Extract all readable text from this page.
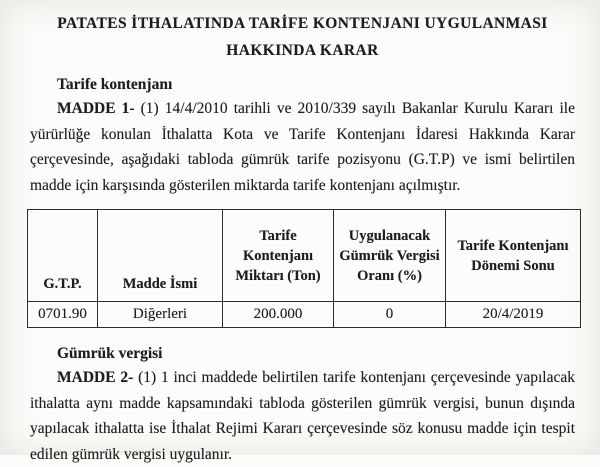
PATATES İTHALATINDA TARİFE KONTENJANI UYGULANMASI
HAKKINDA KARAR
Tarife kontenjanı

MADDE 1- (1) 14/4/2010 tarihli ve 2010/339 sayılı Bakanlar Kurulu Kararı ile yürürlüğe konulan İthalatta Kota ve Tarife Kontenjanı İdaresi Hakkında Karar çerçevesinde, aşağıdaki tabloda gümrük tarife pozisyonu (G.T.P) ve ismi belirtilen madde için karşısında gösterilen miktarda tarife kontenjanı açılmıştır.

G.T.P.	Madde İsmi	Tarife Kontenjanı Miktarı (Ton)	Uygulanacak Gümrük Vergisi Oranı (%)	Tarife Kontenjanı Dönemi Sonu
0701.90	Diğerleri	200.000	0	20/4/2019
Gümrük vergisi

MADDE 2- (1) 1 inci maddede belirtilen tarife kontenjanı çerçevesinde yapılacak ithalatta aynı madde kapsamındaki tabloda gösterilen gümrük vergisi, bunun dışında yapılacak ithalatta ise İthalat Rejimi Kararı çerçevesinde söz konusu madde için tespit edilen gümrük vergisi uygulanır.
